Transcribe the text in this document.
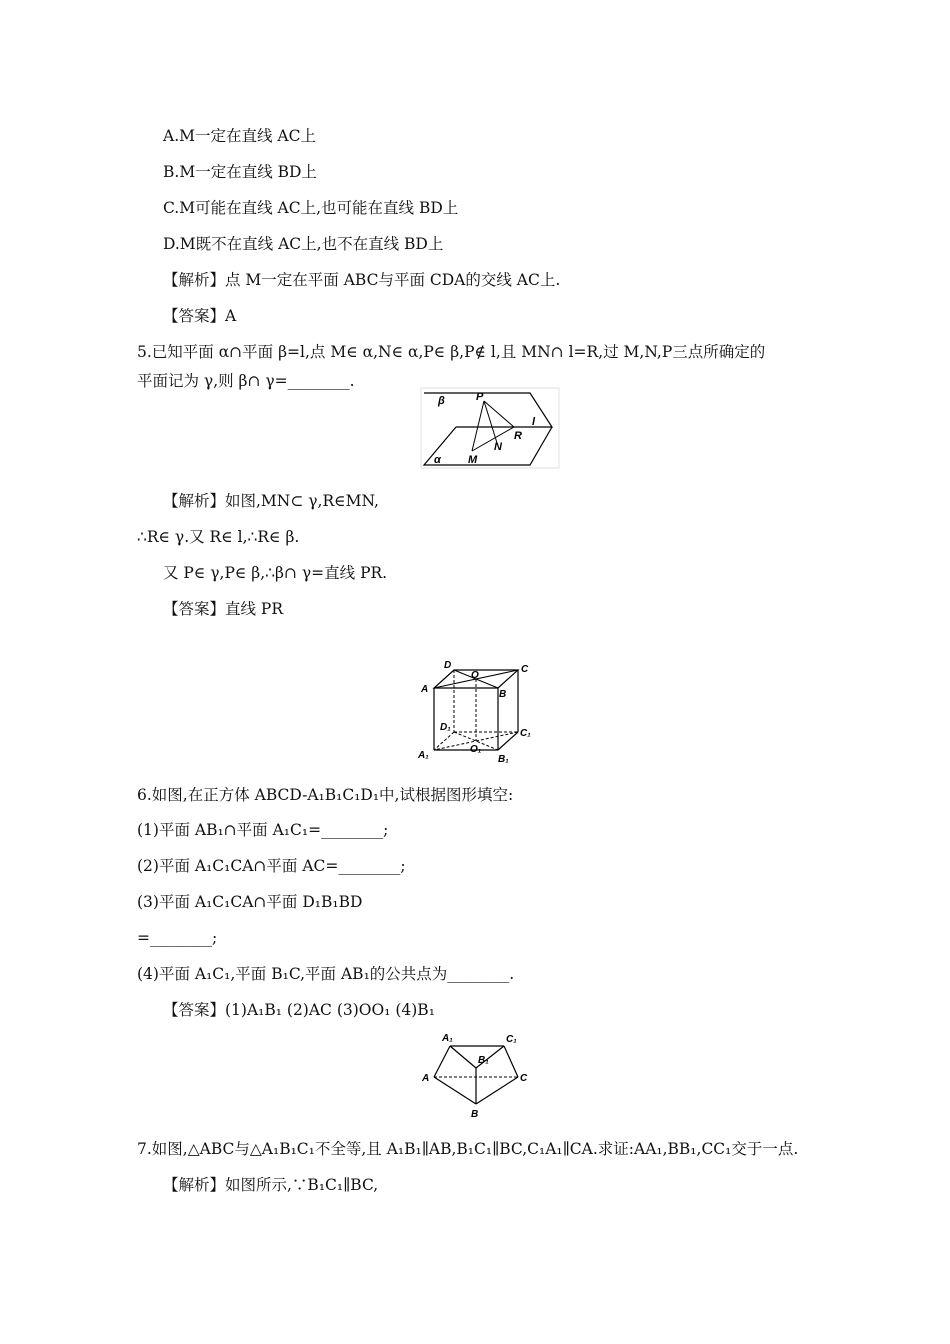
A.M一定在直线 AC上
B.M一定在直线 BD上
C.M可能在直线 AC上,也可能在直线 BD上
D.M既不在直线 AC上,也不在直线 BD上
【解析】点 M一定在平面 ABC与平面 CDA的交线 AC上.
【答案】A
5.已知平面 α∩平面 β=l,点 M∈ α,N∈ α,P∈ β,P∉ l,且 MN∩ l=R,过 M,N,P三点所确定的
平面记为 γ,则 β∩ γ=________.
β	P
R
l
N
M
α
【解析】如图,MN⊂ γ,R∈MN,
∴R∈ γ.又 R∈ l,∴R∈ β.
又 P∈ γ,P∈ β,∴β∩ γ=直线 PR.
【答案】直线 PR
D
O
C
A	B
D₁
C₁
A₁
O₁
B₁
6.如图,在正方体 ABCD-A₁B₁C₁D₁中,试根据图形填空:
(1)平面 AB₁∩平面 A₁C₁=________;
(2)平面 A₁C₁CA∩平面 AC=________;
(3)平面 A₁C₁CA∩平面 D₁B₁BD
=________;
(4)平面 A₁C₁,平面 B₁C,平面 AB₁的公共点为________.
【答案】(1)A₁B₁ (2)AC (3)OO₁ (4)B₁
A₁	C₁
B₁
A	C
B
7.如图,△ABC与△A₁B₁C₁不全等,且 A₁B₁∥AB,B₁C₁∥BC,C₁A₁∥CA.求证:AA₁,BB₁,CC₁交于一点.
【解析】如图所示,∵B₁C₁∥BC,
